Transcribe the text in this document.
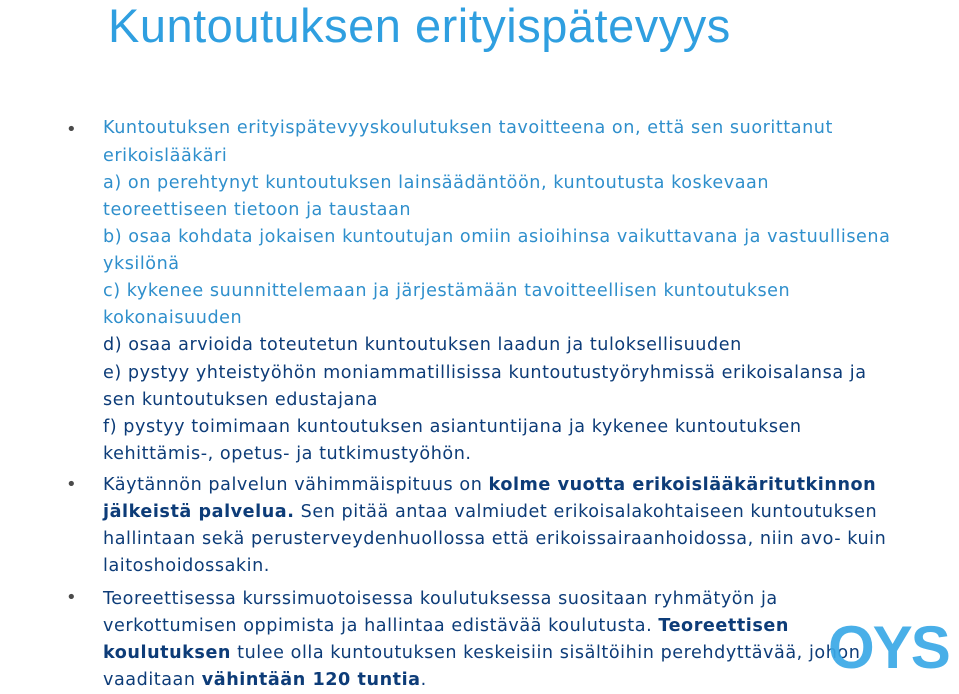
Kuntoutuksen erityispätevyys
•
•
•
Kuntoutuksen erityispätevyyskoulutuksen tavoitteena on, että sen suorittanut
erikoislääkäri
a) on perehtynyt kuntoutuksen lainsäädäntöön, kuntoutusta koskevaan
teoreettiseen tietoon ja taustaan
b) osaa kohdata jokaisen kuntoutujan omiin asioihinsa vaikuttavana ja vastuullisena
yksilönä
c) kykenee suunnittelemaan ja järjestämään tavoitteellisen kuntoutuksen
kokonaisuuden
d) osaa arvioida toteutetun kuntoutuksen laadun ja tuloksellisuuden
e) pystyy yhteistyöhön moniammatillisissa kuntoutustyöryhmissä erikoisalansa ja
sen kuntoutuksen edustajana
f) pystyy toimimaan kuntoutuksen asiantuntijana ja kykenee kuntoutuksen
kehittämis-, opetus- ja tutkimustyöhön.
Käytännön palvelun vähimmäispituus on kolme vuotta erikoislääkäritutkinnon
jälkeistä palvelua. Sen pitää antaa valmiudet erikoisalakohtaiseen kuntoutuksen
hallintaan sekä perusterveydenhuollossa että erikoissairaanhoidossa, niin avo- kuin
laitoshoidossakin.
Teoreettisessa kurssimuotoisessa koulutuksessa suositaan ryhmätyön ja
verkottumisen oppimista ja hallintaa edistävää koulutusta. Teoreettisen
koulutuksen tulee olla kuntoutuksen keskeisiin sisältöihin perehdyttävää, johon
vaaditaan vähintään 120 tuntia.	OYS
